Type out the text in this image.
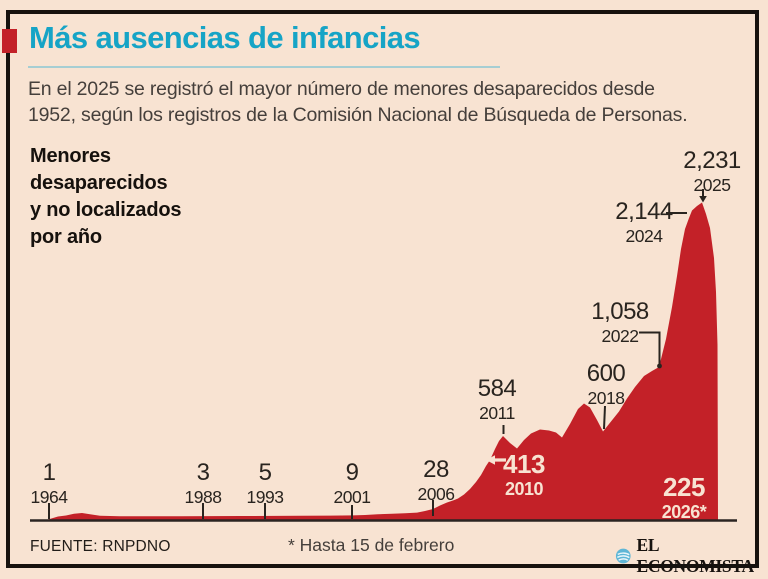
Más ausencias de infancias

En el 2025 se registró el mayor número de menores desaparecidos desde
1952, según los registros de la Comisión Nacional de Búsqueda de Personas.

Menores
desaparecidos
y no localizados
por año
1
1964
3
1988
5
1993
9
2001
28
2006
584
2011
600
2018
1,058
2022
2,144
2024
2,231
2025
413
2010	225
2026*
FUENTE: RNPDNO	* Hasta 15 de febrero	EL ECONOMISTA
